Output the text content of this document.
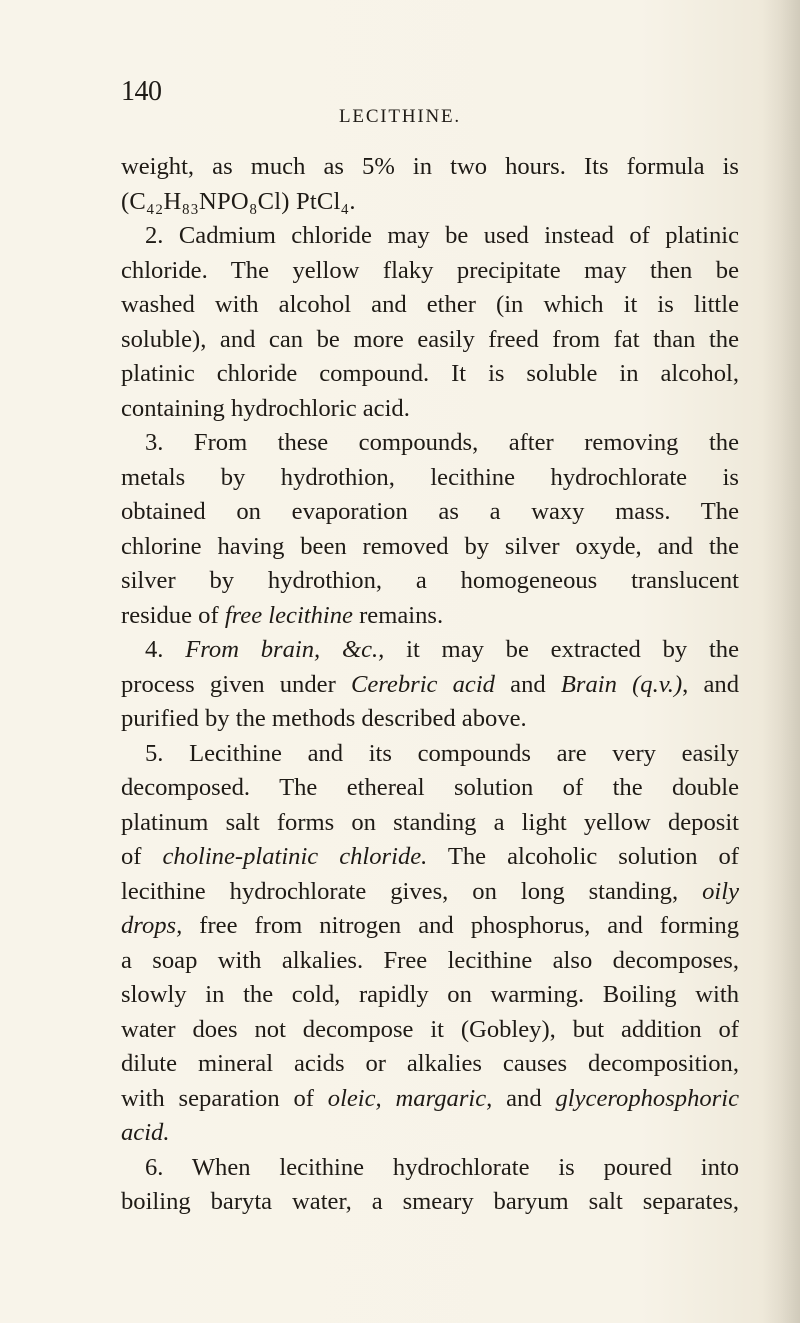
140
LECITHINE.
weight, as much as 5% in two hours. Its formula is
(C₄₂H₈₃NPO₈Cl) PtCl₄.
2. Cadmium chloride may be used instead of platinic
chloride. The yellow flaky precipitate may then be
washed with alcohol and ether (in which it is little
soluble), and can be more easily freed from fat than the
platinic chloride compound. It is soluble in alcohol,
containing hydrochloric acid.
3. From these compounds, after removing the
metals by hydrothion, lecithine hydrochlorate is
obtained on evaporation as a waxy mass. The
chlorine having been removed by silver oxyde, and the
silver by hydrothion, a homogeneous translucent
residue of free lecithine remains.
4. From brain, &c., it may be extracted by the
process given under Cerebric acid and Brain (q.v.), and
purified by the methods described above.
5. Lecithine and its compounds are very easily
decomposed. The ethereal solution of the double
platinum salt forms on standing a light yellow deposit
of choline-platinic chloride. The alcoholic solution of
lecithine hydrochlorate gives, on long standing, oily
drops, free from nitrogen and phosphorus, and forming
a soap with alkalies. Free lecithine also decomposes,
slowly in the cold, rapidly on warming. Boiling with
water does not decompose it (Gobley), but addition of
dilute mineral acids or alkalies causes decomposition,
with separation of oleic, margaric, and glycerophosphoric
acid.
6. When lecithine hydrochlorate is poured into
boiling baryta water, a smeary baryum salt separates,
